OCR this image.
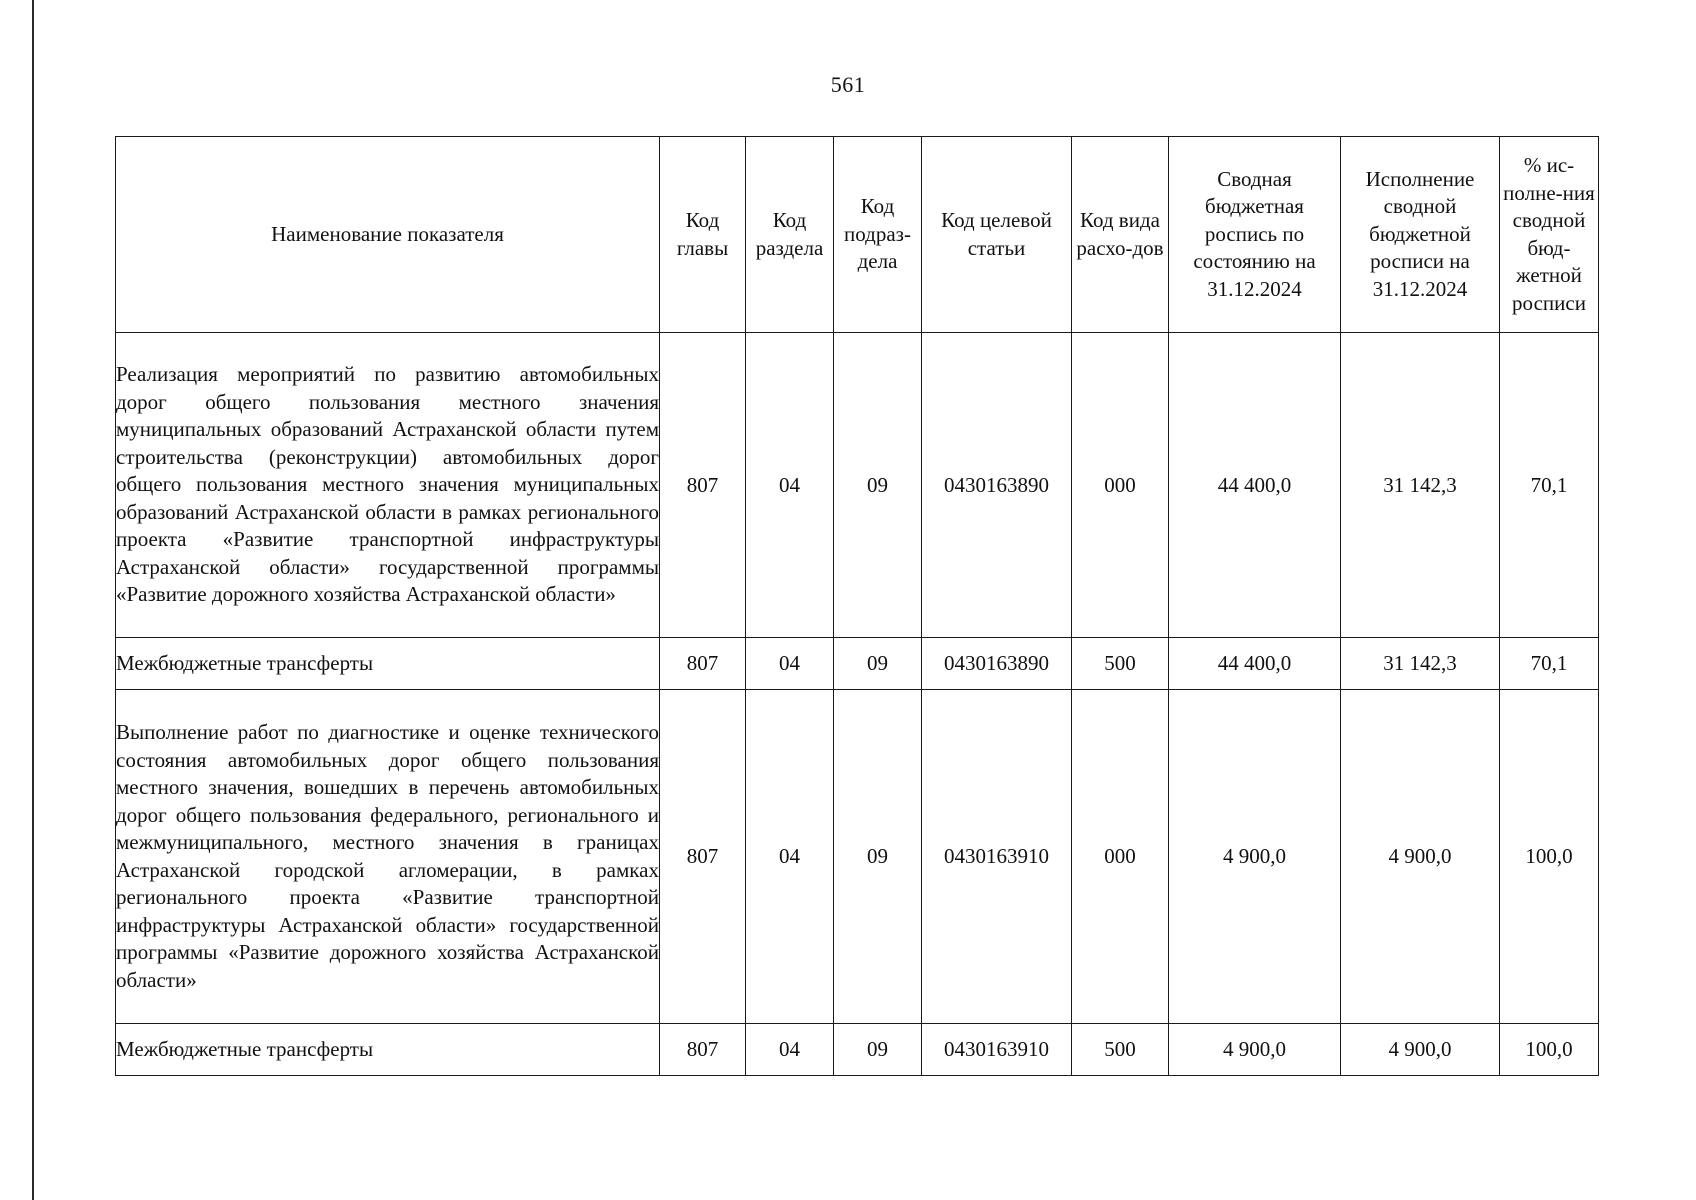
561
Наименование показателя	Код главы	Код раздела	Код подраз-дела	Код целевой статьи	Код вида расхо-дов	Сводная бюджетная роспись по состоянию на 31.12.2024	Исполнение сводной бюджетной росписи на 31.12.2024	% ис-полне-ния сводной бюд-жетной росписи
Реализация мероприятий по развитию автомобильных дорог общего пользования местного значения муниципальных образований Астраханской области путем строительства (реконструкции) автомобильных дорог общего пользования местного значения муниципальных образований Астраханской области в рамках регионального проекта «Развитие транспортной инфраструктуры Астраханской области» государственной программы «Развитие дорожного хозяйства Астраханской области»	807	04	09	0430163890	000	44 400,0	31 142,3	70,1
Межбюджетные трансферты	807	04	09	0430163890	500	44 400,0	31 142,3	70,1
Выполнение работ по диагностике и оценке технического состояния автомобильных дорог общего пользования местного значения, вошедших в перечень автомобильных дорог общего пользования федерального, регионального и межмуниципального, местного значения в границах Астраханской городской агломерации, в рамках регионального проекта «Развитие транспортной инфраструктуры Астраханской области» государственной программы «Развитие дорожного хозяйства Астраханской области»	807	04	09	0430163910	000	4 900,0	4 900,0	100,0
Межбюджетные трансферты	807	04	09	0430163910	500	4 900,0	4 900,0	100,0
